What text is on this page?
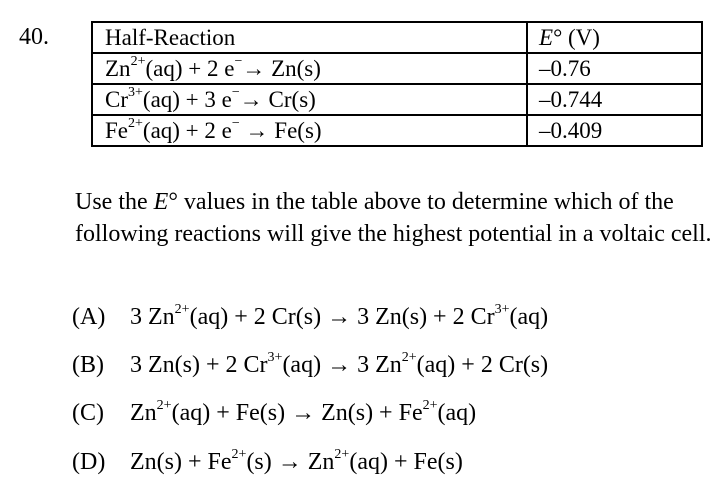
40. Half-Reaction	E° (V)
$Zn^{2+}(aq) + 2$ e−→ Zn(s)	–0.76
$Cr^{3+}(aq) + 3$ e−→ Cr(s)	–0.744
$Fe^{2+}(aq) + 2$ e− → Fe(s)	–0.409
Use the E° values in the table above to determine which of the following reactions will give the highest potential in a voltaic cell.
(A) 3 $Zn^{2+}(aq) + 2$ Cr(s) → 3 Zn(s) + 2 $Cr^{3+}(aq)$
(B) 3 Zn(s) + 2 $Cr^{3+}(aq) \to 3$ $Zn^{2+}(aq) + 2$ Cr(s)
(C) $Zn^{2+}(aq) + Fe(s) \to Zn(s) + Fe^{2+}(aq)$
(D) $Zn(s) + Fe^{2+}(s) \to Zn^{2+}(aq) + Fe(s)$
